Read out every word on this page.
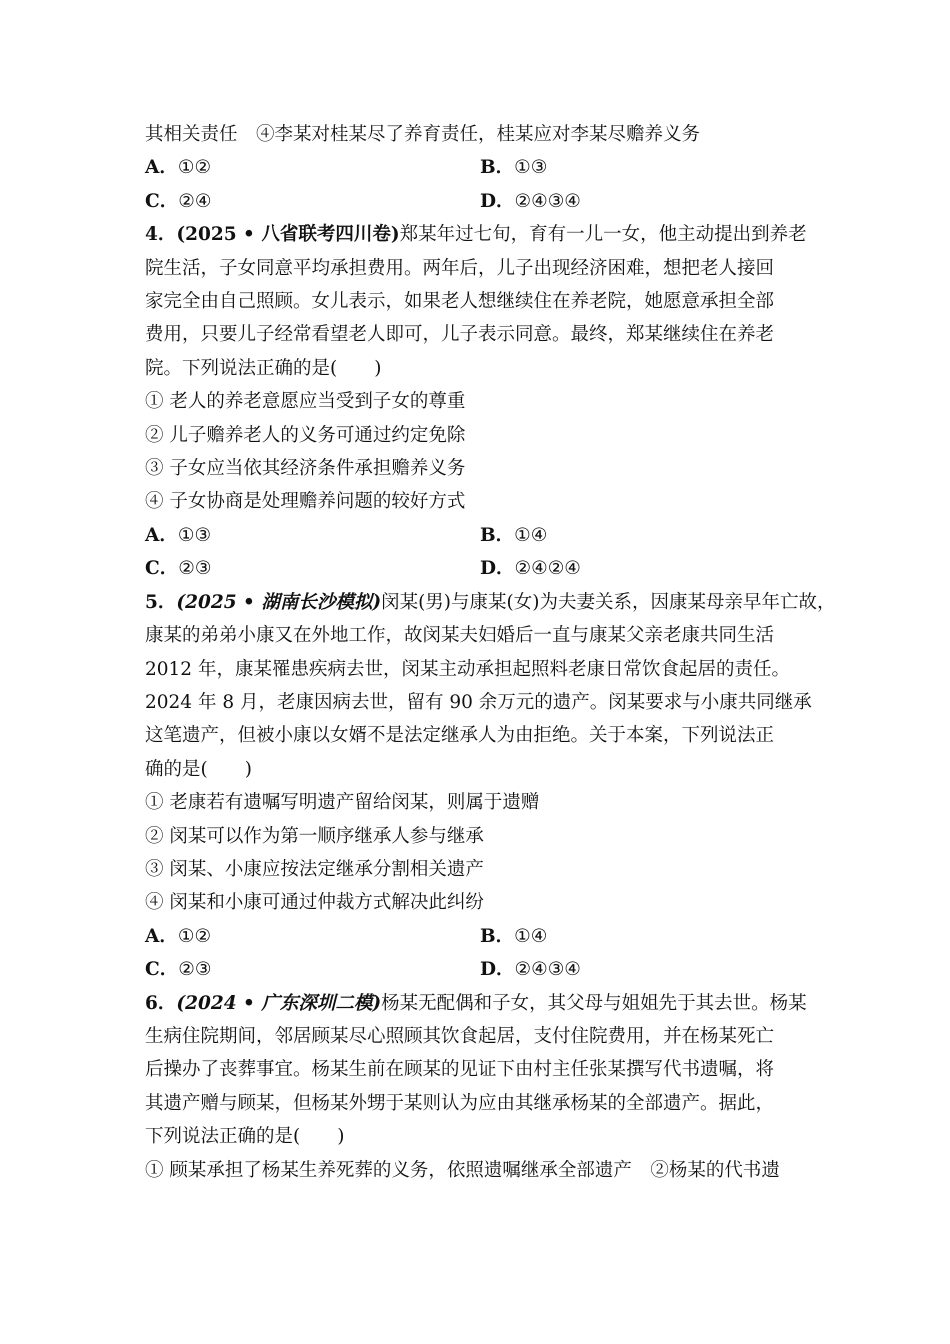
其相关责任　④李某对桂某尽了养育责任，桂某应对李某尽赡养义务
A．①②	B．①③
C．②④	D．②④③④
4．(2025 • 八省联考四川卷)郑某年过七旬，育有一儿一女，他主动提出到养老
院生活，子女同意平均承担费用。两年后，儿子出现经济困难，想把老人接回
家完全由自己照顾。女儿表示，如果老人想继续住在养老院，她愿意承担全部
费用，只要儿子经常看望老人即可，儿子表示同意。最终，郑某继续住在养老
院。下列说法正确的是(　　)
① 老人的养老意愿应当受到子女的尊重
② 儿子赡养老人的义务可通过约定免除
③ 子女应当依其经济条件承担赡养义务
④ 子女协商是处理赡养问题的较好方式
A．①③	B．①④
C．②③	D．②④②④
5．(2025 • 湖南长沙模拟)闵某(男)与康某(女)为夫妻关系，因康某母亲早年亡故，
康某的弟弟小康又在外地工作，故闵某夫妇婚后一直与康某父亲老康共同生活
2012 年，康某罹患疾病去世，闵某主动承担起照料老康日常饮食起居的责任。
2024 年 8 月，老康因病去世，留有 90 余万元的遗产。闵某要求与小康共同继承
这笔遗产，但被小康以女婿不是法定继承人为由拒绝。关于本案，下列说法正
确的是(　　)
① 老康若有遗嘱写明遗产留给闵某，则属于遗赠
② 闵某可以作为第一顺序继承人参与继承
③ 闵某、小康应按法定继承分割相关遗产
④ 闵某和小康可通过仲裁方式解决此纠纷
A．①②	B．①④
C．②③	D．②④③④
6．(2024 • 广东深圳二模)杨某无配偶和子女，其父母与姐姐先于其去世。杨某
生病住院期间，邻居顾某尽心照顾其饮食起居，支付住院费用，并在杨某死亡
后操办了丧葬事宜。杨某生前在顾某的见证下由村主任张某撰写代书遗嘱，将
其遗产赠与顾某，但杨某外甥于某则认为应由其继承杨某的全部遗产。据此，
下列说法正确的是(　　)
① 顾某承担了杨某生养死葬的义务，依照遗嘱继承全部遗产　②杨某的代书遗
